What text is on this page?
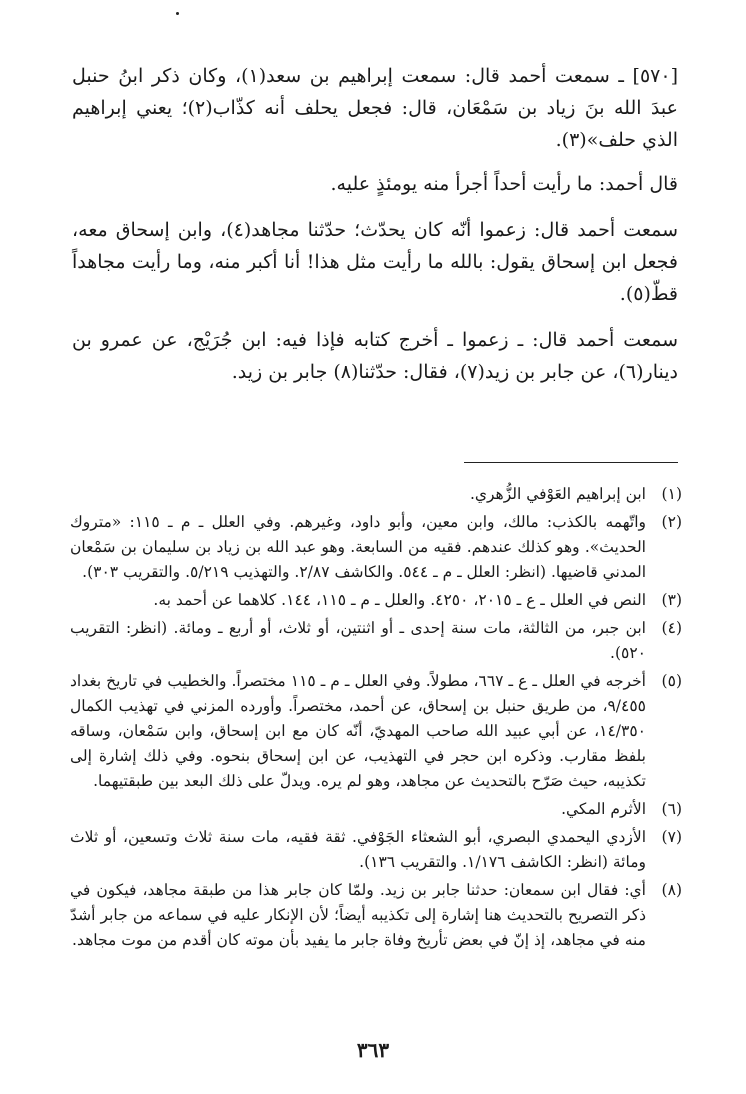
[٥٧٠] ـ سمعت أحمد قال: سمعت إبراهيم بن سعد(١)، وكان ذكر ابنُ حنبل عبدَ الله بنَ زياد بن سَمْعَان، قال: فجعل يحلف أنه كذّاب(٢)؛ يعني إبراهيم الذي حلف»(٣).

قال أحمد: ما رأيت أحداً أجرأ منه يومئذٍ عليه.

سمعت أحمد قال: زعموا أنّه كان يحدّث؛ حدّثنا مجاهد(٤)، وابن إسحاق معه، فجعل ابن إسحاق يقول: بالله ما رأيت مثل هذا! أنا أكبر منه، وما رأيت مجاهداً قطّ(٥).

سمعت أحمد قال: ـ زعموا ـ أخرج كتابه فإذا فيه: ابن جُرَيْج، عن عمرو بن دينار(٦)، عن جابر بن زيد(٧)، فقال: حدّثنا(٨) جابر بن زيد.

(١)
ابن إبراهيم العَوْفي الزُّهري.
(٢)
واتّهمه بالكذب: مالك، وابن معين، وأبو داود، وغيرهم. وفي العلل ـ م ـ ١١٥: «متروك الحديث». وهو كذلك عندهم. فقيه من السابعة. وهو عبد الله بن زياد بن سليمان بن سَمْعان المدني قاضيها. (انظر: العلل ـ م ـ ٥٤٤. والكاشف ٢/٨٧. والتهذيب ٥/٢١٩. والتقريب ٣٠٣).
(٣)
النص في العلل ـ ع ـ ٢٠١٥، ٤٢٥٠. والعلل ـ م ـ ١١٥، ١٤٤. كلاهما عن أحمد به.
(٤)
ابن جبر، من الثالثة، مات سنة إحدى ـ أو اثنتين، أو ثلاث، أو أربع ـ ومائة. (انظر: التقريب ٥٢٠).
(٥)
أخرجه في العلل ـ ع ـ ٦٦٧، مطولاً. وفي العلل ـ م ـ ١١٥ مختصراً. والخطيب في تاريخ بغداد ٩/٤٥٥، من طريق حنبل بن إسحاق، عن أحمد، مختصراً. وأورده المزني في تهذيب الكمال ١٤/٣٥٠، عن أبي عبيد الله صاحب المهديّ، أنّه كان مع ابن إسحاق، وابن سَمْعان، وساقه بلفظ مقارب. وذكره ابن حجر في التهذيب، عن ابن إسحاق بنحوه. وفي ذلك إشارة إلى تكذيبه، حيث صَرّح بالتحديث عن مجاهد، وهو لم يره. ويدلّ على ذلك البعد بين طبقتيهما.
(٦)
الأثرم المكي.
(٧)
الأزدي اليحمدي البصري، أبو الشعثاء الجَوْفي. ثقة فقيه، مات سنة ثلاث وتسعين، أو ثلاث ومائة (انظر: الكاشف ١/١٧٦. والتقريب ١٣٦).
(٨)
أي: فقال ابن سمعان: حدثنا جابر بن زيد. ولمّا كان جابر هذا من طبقة مجاهد، فيكون في ذكر التصريح بالتحديث هنا إشارة إلى تكذيبه أيضاً؛ لأن الإنكار عليه في سماعه من جابر أشدّ منه في مجاهد، إذ إنّ في بعض تأريخ وفاة جابر ما يفيد بأن موته كان أقدم من موت مجاهد.
٣٦٣
